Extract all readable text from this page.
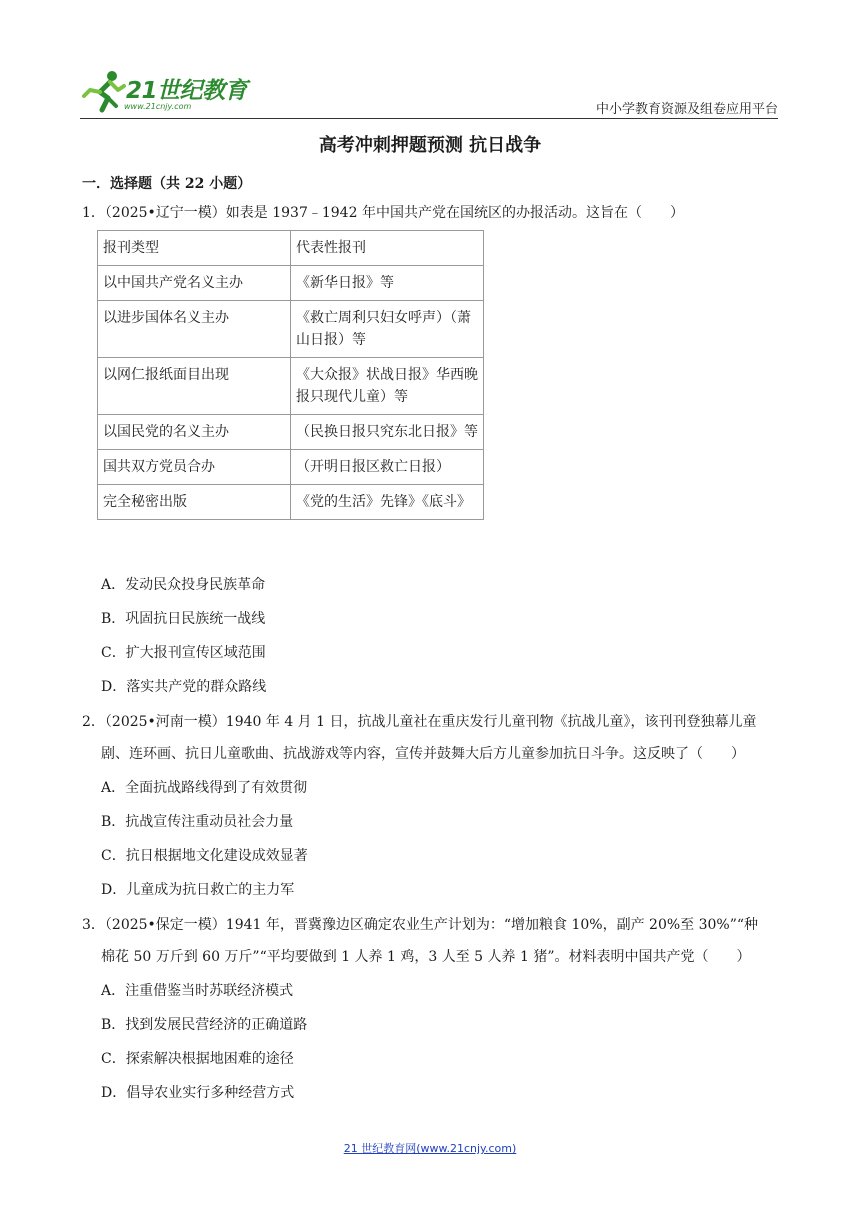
21世纪教育
www.21cnjy.com	中小学教育资源及组卷应用平台
高考冲刺押题预测 抗日战争
一．选择题（共 22 小题）
1．（2025•辽宁一模）如表是 1937﹣1942 年中国共产党在国统区的办报活动。这旨在（　　）
报刊类型	代表性报刊
以中国共产党名义主办	《新华日报》等
以进步国体名义主办	《救亡周利只妇女呼声）（萧
山日报）等
以网仁报纸面目出现	《大众报》状战日报》华西晚
报只现代儿童）等
以国民党的名义主办	（民换日报只究东北日报》等
国共双方党员合办	（开明日报区救亡日报）
完全秘密出版	《党的生活》先锋》《底斗》
A．发动民众投身民族革命
B．巩固抗日民族统一战线
C．扩大报刊宣传区域范围
D．落实共产党的群众路线
2．（2025•河南一模）1940 年 4 月 1 日，抗战儿童社在重庆发行儿童刊物《抗战儿童》，该刊刊登独幕儿童
剧、连环画、抗日儿童歌曲、抗战游戏等内容，宣传并鼓舞大后方儿童参加抗日斗争。这反映了（　　）
A．全面抗战路线得到了有效贯彻
B．抗战宣传注重动员社会力量
C．抗日根据地文化建设成效显著
D．儿童成为抗日救亡的主力军
3．（2025•保定一模）1941 年，晋冀豫边区确定农业生产计划为：“增加粮食 10%，副产 20%至 30%”“种
棉花 50 万斤到 60 万斤”“平均要做到 1 人养 1 鸡，3 人至 5 人养 1 猪”。材料表明中国共产党（　　）
A．注重借鉴当时苏联经济模式
B．找到发展民营经济的正确道路
C．探索解决根据地困难的途径
D．倡导农业实行多种经营方式
21 世纪教育网(www.21cnjy.com)
